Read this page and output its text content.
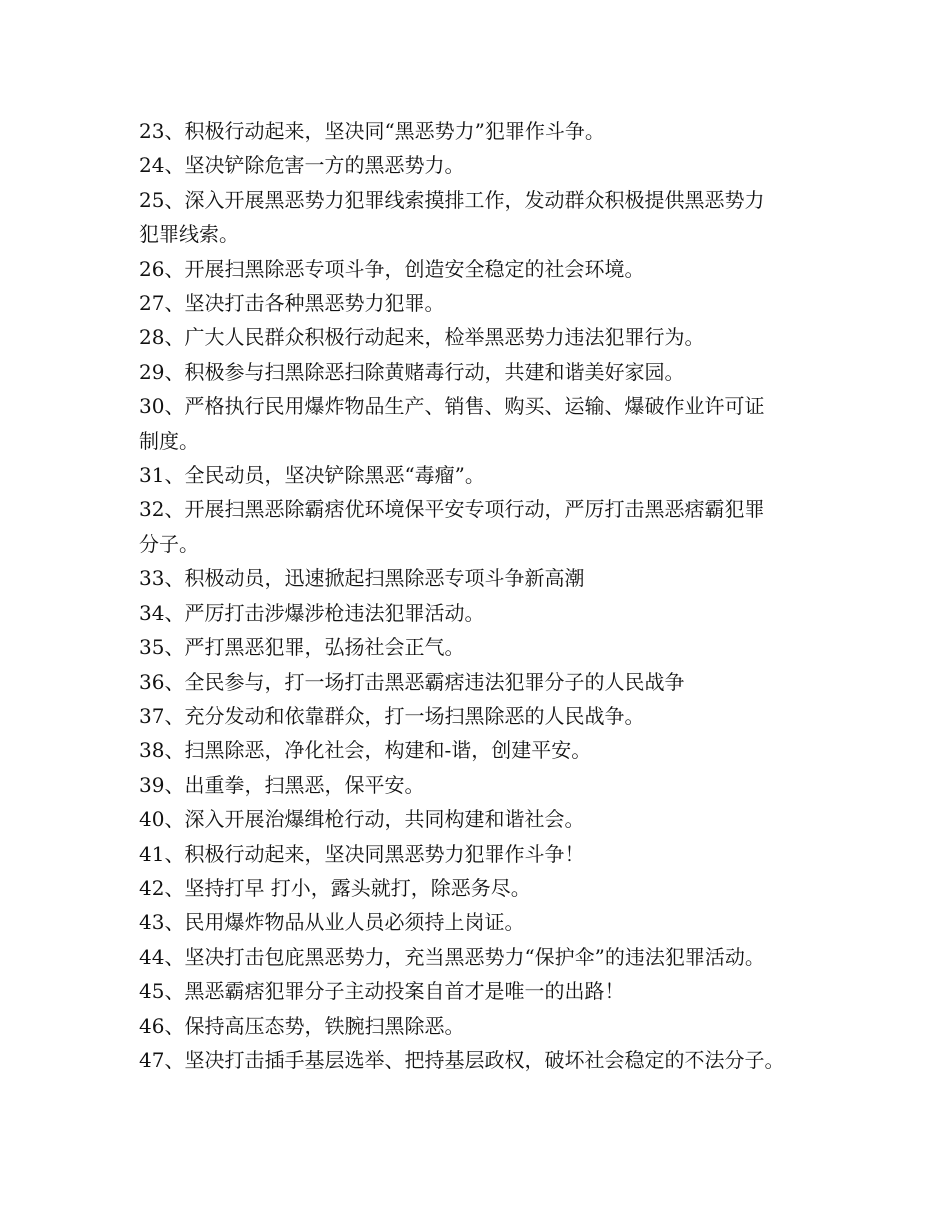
23、积极行动起来，坚决同“黑恶势力”犯罪作斗争。
24、坚决铲除危害一方的黑恶势力。
25、深入开展黑恶势力犯罪线索摸排工作，发动群众积极提供黑恶势力
犯罪线索。
26、开展扫黑除恶专项斗争，创造安全稳定的社会环境。
27、坚决打击各种黑恶势力犯罪。
28、广大人民群众积极行动起来，检举黑恶势力违法犯罪行为。
29、积极参与扫黑除恶扫除黄赌毒行动，共建和谐美好家园。
30、严格执行民用爆炸物品生产、销售、购买、运输、爆破作业许可证
制度。
31、全民动员，坚决铲除黑恶“毒瘤”。
32、开展扫黑恶除霸痞优环境保平安专项行动，严厉打击黑恶痞霸犯罪
分子。
33、积极动员，迅速掀起扫黑除恶专项斗争新高潮
34、严厉打击涉爆涉枪违法犯罪活动。
35、严打黑恶犯罪，弘扬社会正气。
36、全民参与，打一场打击黑恶霸痞违法犯罪分子的人民战争
37、充分发动和依靠群众，打一场扫黑除恶的人民战争。
38、扫黑除恶，净化社会，构建和-谐，创建平安。
39、出重拳，扫黑恶，保平安。
40、深入开展治爆缉枪行动，共同构建和谐社会。
41、积极行动起来，坚决同黑恶势力犯罪作斗争！
42、坚持打早 打小，露头就打，除恶务尽。
43、民用爆炸物品从业人员必须持上岗证。
44、坚决打击包庇黑恶势力，充当黑恶势力“保护伞”的违法犯罪活动。
45、黑恶霸痞犯罪分子主动投案自首才是唯一的出路！
46、保持高压态势，铁腕扫黑除恶。
47、坚决打击插手基层选举、把持基层政权，破坏社会稳定的不法分子。
